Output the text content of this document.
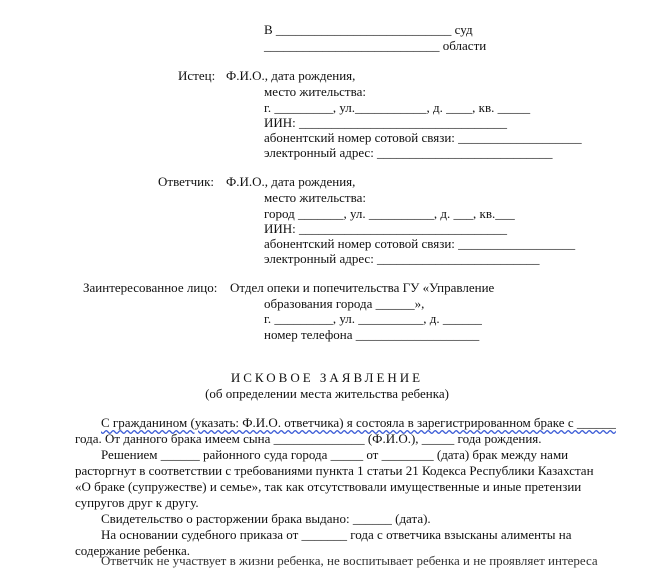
В ___________________________ суд
___________________________ области
Истец: Ф.И.О., дата рождения,
место жительства:
г. _________, ул.___________, д. ____, кв. _____
ИИН: ________________________________
абонентский номер сотовой связи: ___________________
электронный адрес: ___________________________
Ответчик: Ф.И.О., дата рождения,
место жительства:
город _______, ул. __________, д. ___, кв.___
ИИН: ________________________________
абонентский номер сотовой связи: __________________
электронный адрес: _________________________
Заинтересованное лицо: Отдел опеки и попечительства ГУ «Управление
образования города ______»,
г. _________, ул. __________, д. ______
номер телефона ___________________
ИСКОВОЕ ЗАЯВЛЕНИЕ
(об определении места жительства ребенка)
С гражданином (указать: Ф.И.О. ответчика) я состояла в зарегистрированном браке с ______
года. От данного брака имеем сына ______________ (Ф.И.О.), _____ года рождения.
Решением ______ районного суда города _____ от ________ (дата) брак между нами
расторгнут в соответствии с требованиями пункта 1 статьи 21 Кодекса Республики Казахстан
«О браке (супружестве) и семье», так как отсутствовали имущественные и иные претензии
супругов друг к другу.
Свидетельство о расторжении брака выдано: ______ (дата).
На основании судебного приказа от _______ года с ответчика взысканы алименты на
содержание ребенка.
Ответчик не участвует в жизни ребенка, не воспитывает ребенка и не проявляет интереса
